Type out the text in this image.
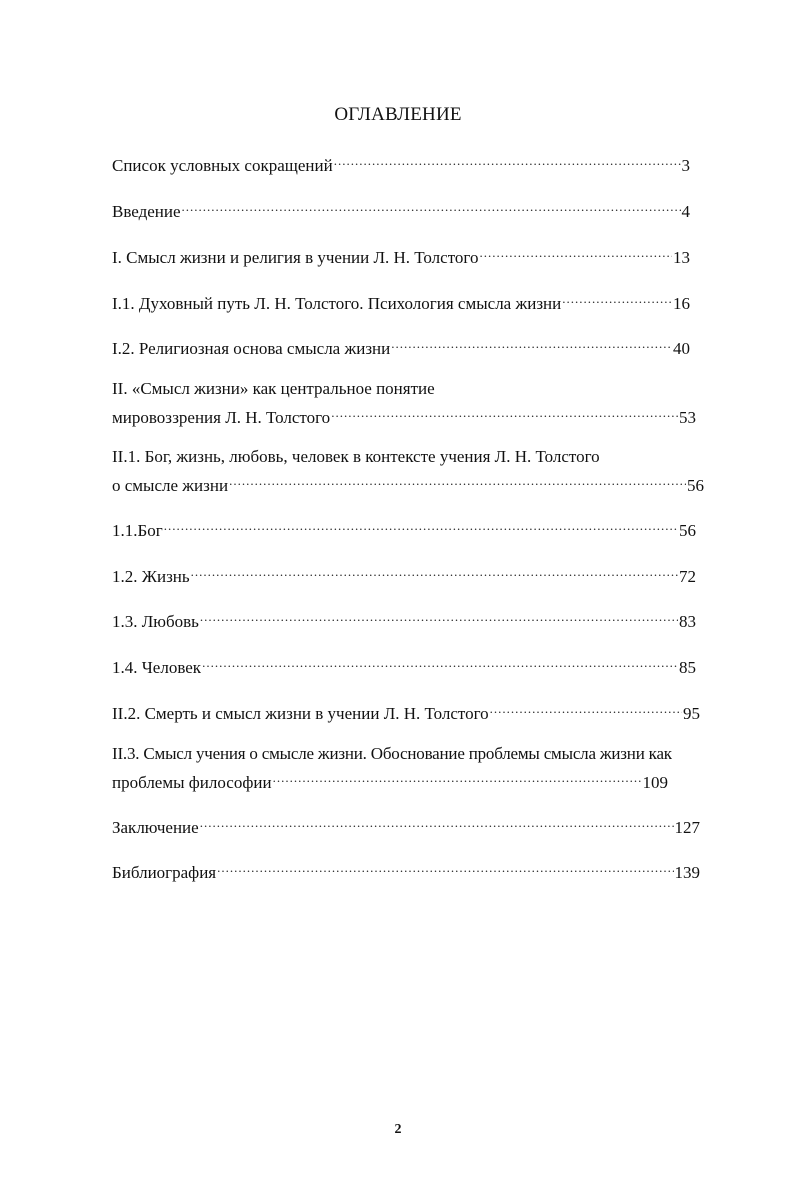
ОГЛАВЛЕНИЕ
Список условных сокращений .....	3
Введение .....	4
I. Смысл жизни и религия в учении Л. Н. Толстого .....	13
I.1. Духовный путь Л. Н. Толстого. Психология смысла жизни .....	16
I.2. Религиозная основа смысла жизни .....	40
II. «Смысл жизни» как центральное понятие
мировоззрения Л. Н. Толстого .....	53
II.1. Бог, жизнь, любовь, человек в контексте учения Л. Н. Толстого
о смысле жизни .....	56
1.1.Бог .....	56
1.2. Жизнь .....	72
1.3. Любовь .....	83
1.4. Человек .....	85
II.2. Смерть и смысл жизни в учении Л. Н. Толстого .....	95
II.3. Смысл учения о смысле жизни. Обоснование проблемы смысла жизни как
проблемы философии .....	109
Заключение .....	127
Библиография .....	139
2
